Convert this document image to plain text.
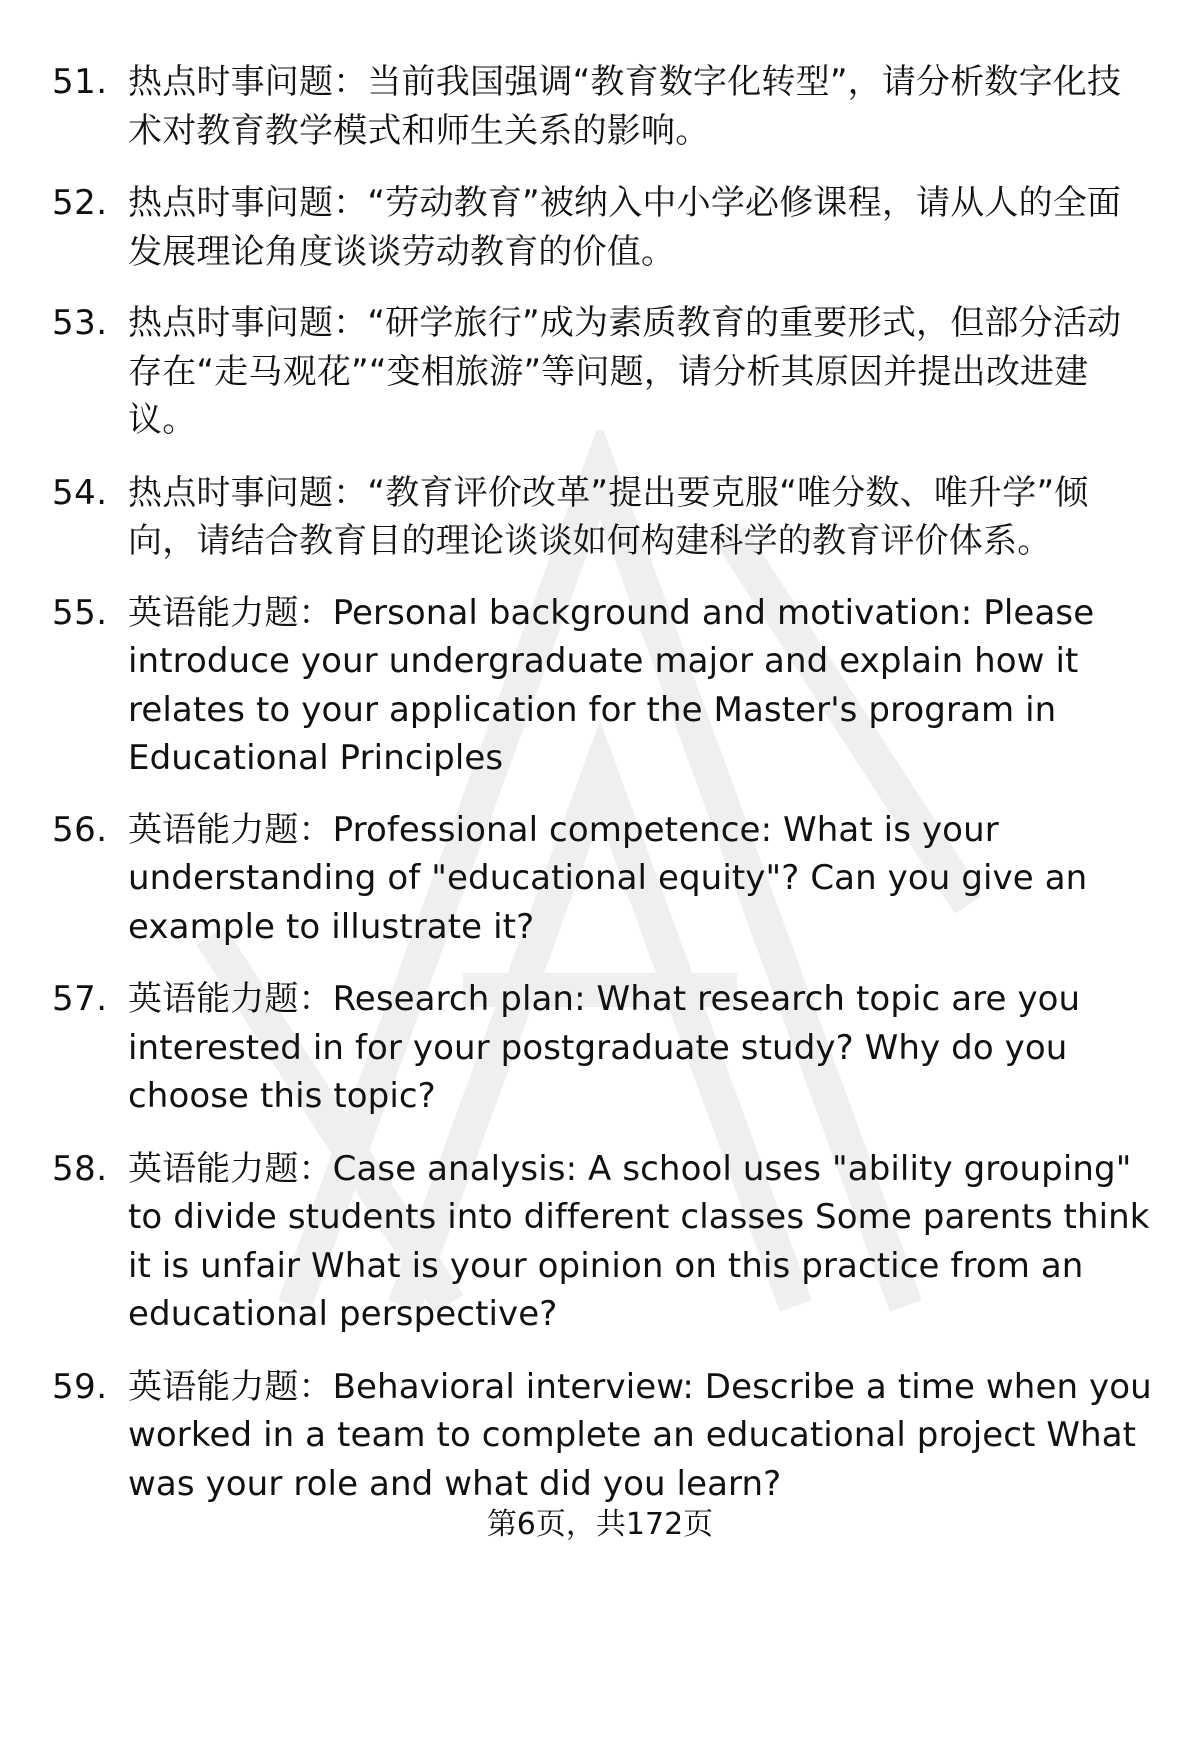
51. 热点时事问题：当前我国强调“教育数字化转型”，请分析数字化技术对教育教学模式和师生关系的影响。
52. 热点时事问题：“劳动教育”被纳入中小学必修课程，请从人的全面发展理论角度谈谈劳动教育的价值。
53. 热点时事问题：“研学旅行”成为素质教育的重要形式，但部分活动存在“走马观花”“变相旅游”等问题，请分析其原因并提出改进建议。
54. 热点时事问题：“教育评价改革”提出要克服“唯分数、唯升学”倾向，请结合教育目的理论谈谈如何构建科学的教育评价体系。
55. 英语能力题：Personal background and motivation: Please introduce your undergraduate major and explain how it relates to your application for the Master's program in Educational Principles
56. 英语能力题：Professional competence: What is your understanding of "educational equity"? Can you give an example to illustrate it?
57. 英语能力题：Research plan: What research topic are you interested in for your postgraduate study? Why do you choose this topic?
58. 英语能力题：Case analysis: A school uses "ability grouping" to divide students into different classes Some parents think it is unfair What is your opinion on this practice from an educational perspective?
59. 英语能力题：Behavioral interview: Describe a time when you worked in a team to complete an educational project What was your role and what did you learn?
第6页，共172页
